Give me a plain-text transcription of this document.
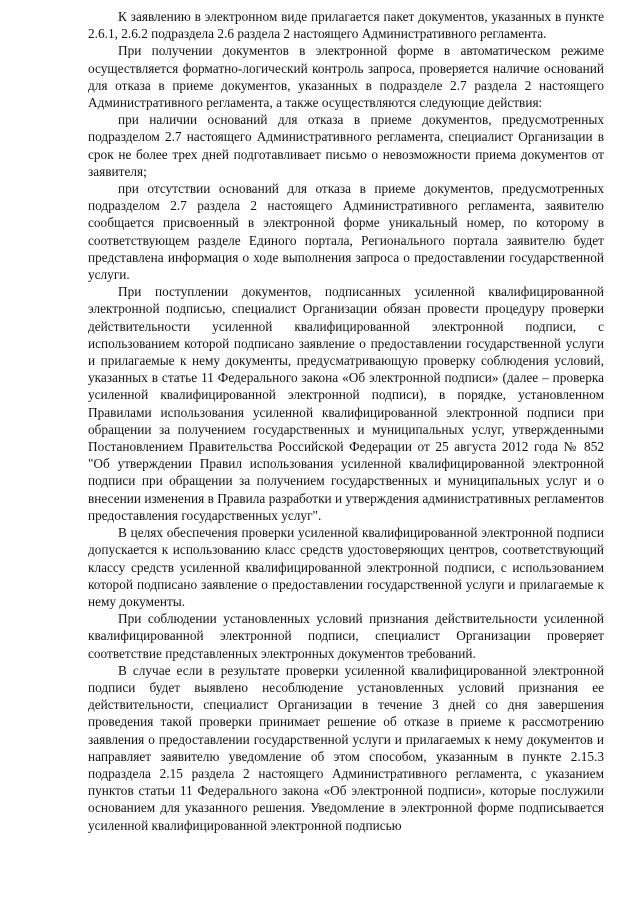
К заявлению в электронном виде прилагается пакет документов, указанных в пункте 2.6.1, 2.6.2 подраздела 2.6 раздела 2 настоящего Административного регламента.

При получении документов в электронной форме в автоматическом режиме осуществляется форматно-логический контроль запроса, проверяется наличие оснований для отказа в приеме документов, указанных в подразделе 2.7 раздела 2 настоящего Административного регламента, а также осуществляются следующие действия:

при наличии оснований для отказа в приеме документов, предусмотренных подразделом 2.7 настоящего Административного регламента, специалист Организации в срок не более трех дней подготавливает письмо о невозможности приема документов от заявителя;

при отсутствии оснований для отказа в приеме документов, предусмотренных подразделом 2.7 раздела 2 настоящего Административного регламента, заявителю сообщается присвоенный в электронной форме уникальный номер, по которому в соответствующем разделе Единого портала, Регионального портала заявителю будет представлена информация о ходе выполнения запроса о предоставлении государственной услуги.

При поступлении документов, подписанных усиленной квалифицированной электронной подписью, специалист Организации обязан провести процедуру проверки действительности усиленной квалифицированной электронной подписи, с использованием которой подписано заявление о предоставлении государственной услуги и прилагаемые к нему документы, предусматривающую проверку соблюдения условий, указанных в статье 11 Федерального закона «Об электронной подписи» (далее – проверка усиленной квалифицированной электронной подписи), в порядке, установленном Правилами использования усиленной квалифицированной электронной подписи при обращении за получением государственных и муниципальных услуг, утвержденными Постановлением Правительства Российской Федерации от 25 августа 2012 года № 852 "Об утверждении Правил использования усиленной квалифицированной электронной подписи при обращении за получением государственных и муниципальных услуг и о внесении изменения в Правила разработки и утверждения административных регламентов предоставления государственных услуг".

В целях обеспечения проверки усиленной квалифицированной электронной подписи допускается к использованию класс средств удостоверяющих центров, соответствующий классу средств усиленной квалифицированной электронной подписи, с использованием которой подписано заявление о предоставлении государственной услуги и прилагаемые к нему документы.

При соблюдении установленных условий признания действительности усиленной квалифицированной электронной подписи, специалист Организации проверяет соответствие представленных электронных документов требований.

В случае если в результате проверки усиленной квалифицированной электронной подписи будет выявлено несоблюдение установленных условий признания ее действительности, специалист Организации в течение 3 дней со дня завершения проведения такой проверки принимает решение об отказе в приеме к рассмотрению заявления о предоставлении государственной услуги и прилагаемых к нему документов и направляет заявителю уведомление об этом способом, указанным в пункте 2.15.3 подраздела 2.15 раздела 2 настоящего Административного регламента, с указанием пунктов статьи 11 Федерального закона «Об электронной подписи», которые послужили основанием для указанного решения. Уведомление в электронной форме подписывается усиленной квалифицированной электронной подписью
